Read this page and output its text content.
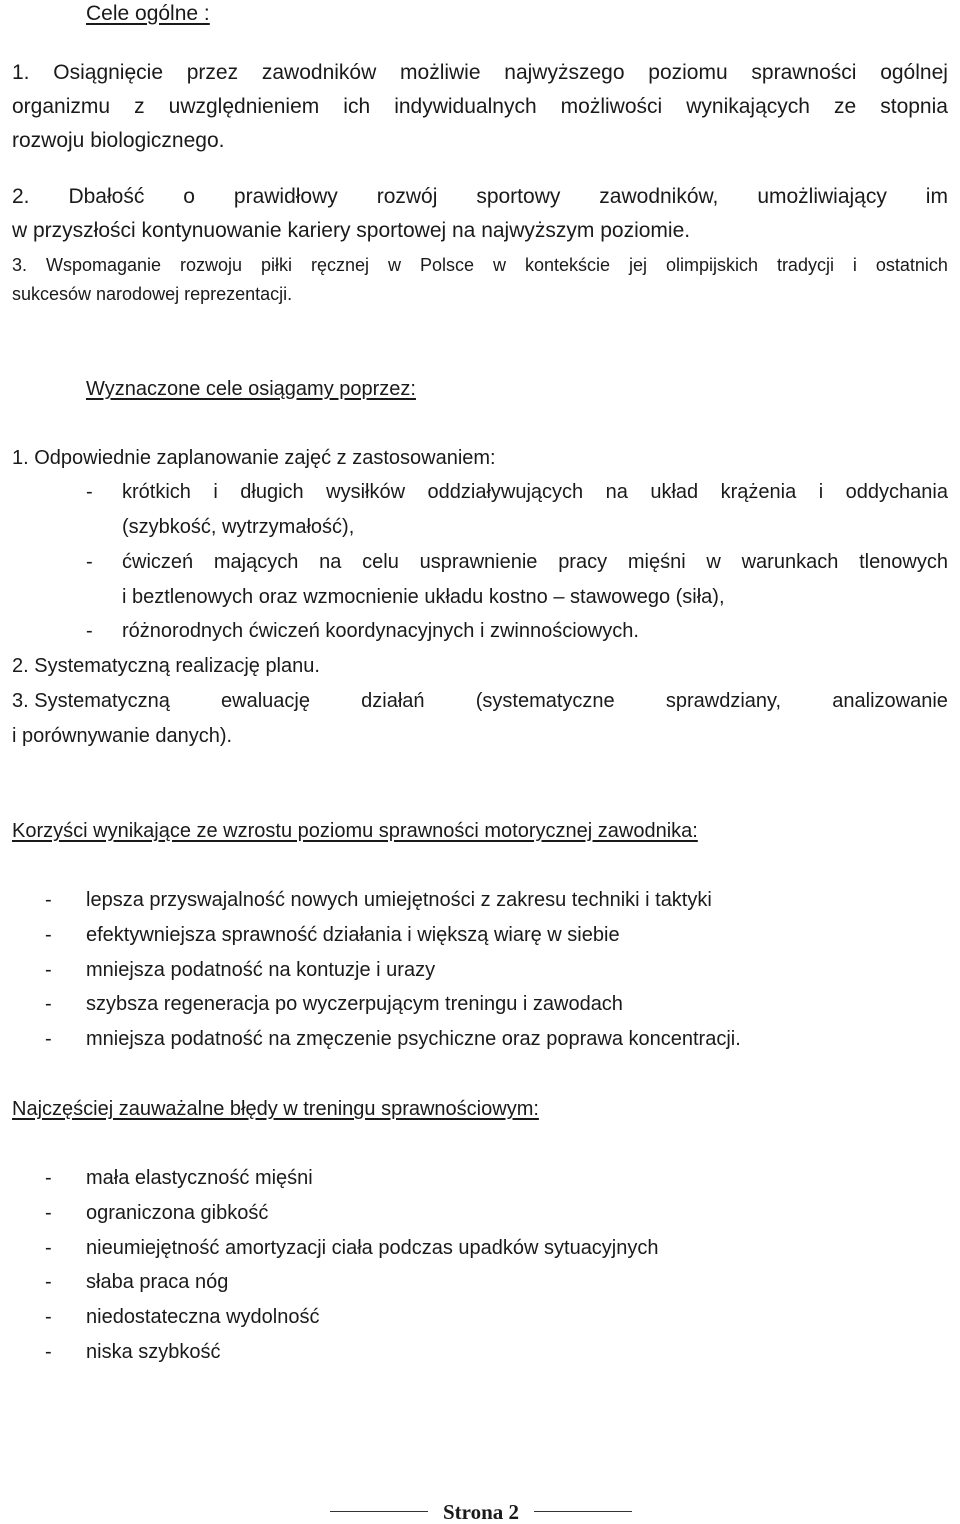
Cele ogólne :
1. Osiągnięcie przez zawodników możliwie najwyższego poziomu sprawności ogólnej
organizmu z uwzględnieniem ich indywidualnych możliwości wynikających ze stopnia
rozwoju biologicznego.
2. Dbałość o prawidłowy rozwój sportowy zawodników, umożliwiający im
w przyszłości kontynuowanie kariery sportowej na najwyższym poziomie.
3. Wspomaganie rozwoju piłki ręcznej w Polsce w kontekście jej olimpijskich tradycji i ostatnich
sukcesów narodowej reprezentacji.
Wyznaczone cele osiągamy poprzez:
1. Odpowiednie zaplanowanie zajęć z zastosowaniem:
- krótkich i długich wysiłków oddziaływujących na układ krążenia i oddychania
(szybkość, wytrzymałość),
- ćwiczeń mających na celu usprawnienie pracy mięśni w warunkach tlenowych
i beztlenowych oraz wzmocnienie układu kostno – stawowego (siła),
- różnorodnych ćwiczeń koordynacyjnych i zwinnościowych.
2. Systematyczną realizację planu.
3. Systematyczną	ewaluację	działań	(systematyczne	sprawdziany,	analizowanie
i porównywanie danych).
Korzyści wynikające ze wzrostu poziomu sprawności motorycznej zawodnika:
- lepsza przyswajalność nowych umiejętności z zakresu techniki i taktyki
- efektywniejsza sprawność działania i większą wiarę w siebie
- mniejsza podatność na kontuzje i urazy
- szybsza regeneracja po wyczerpującym treningu i zawodach
- mniejsza podatność na zmęczenie psychiczne oraz poprawa koncentracji.
Najczęściej zauważalne błędy w treningu sprawnościowym:
- mała elastyczność mięśni
- ograniczona gibkość
- nieumiejętność amortyzacji ciała podczas upadków sytuacyjnych
- słaba praca nóg
- niedostateczna wydolność
- niska szybkość
Strona 2
